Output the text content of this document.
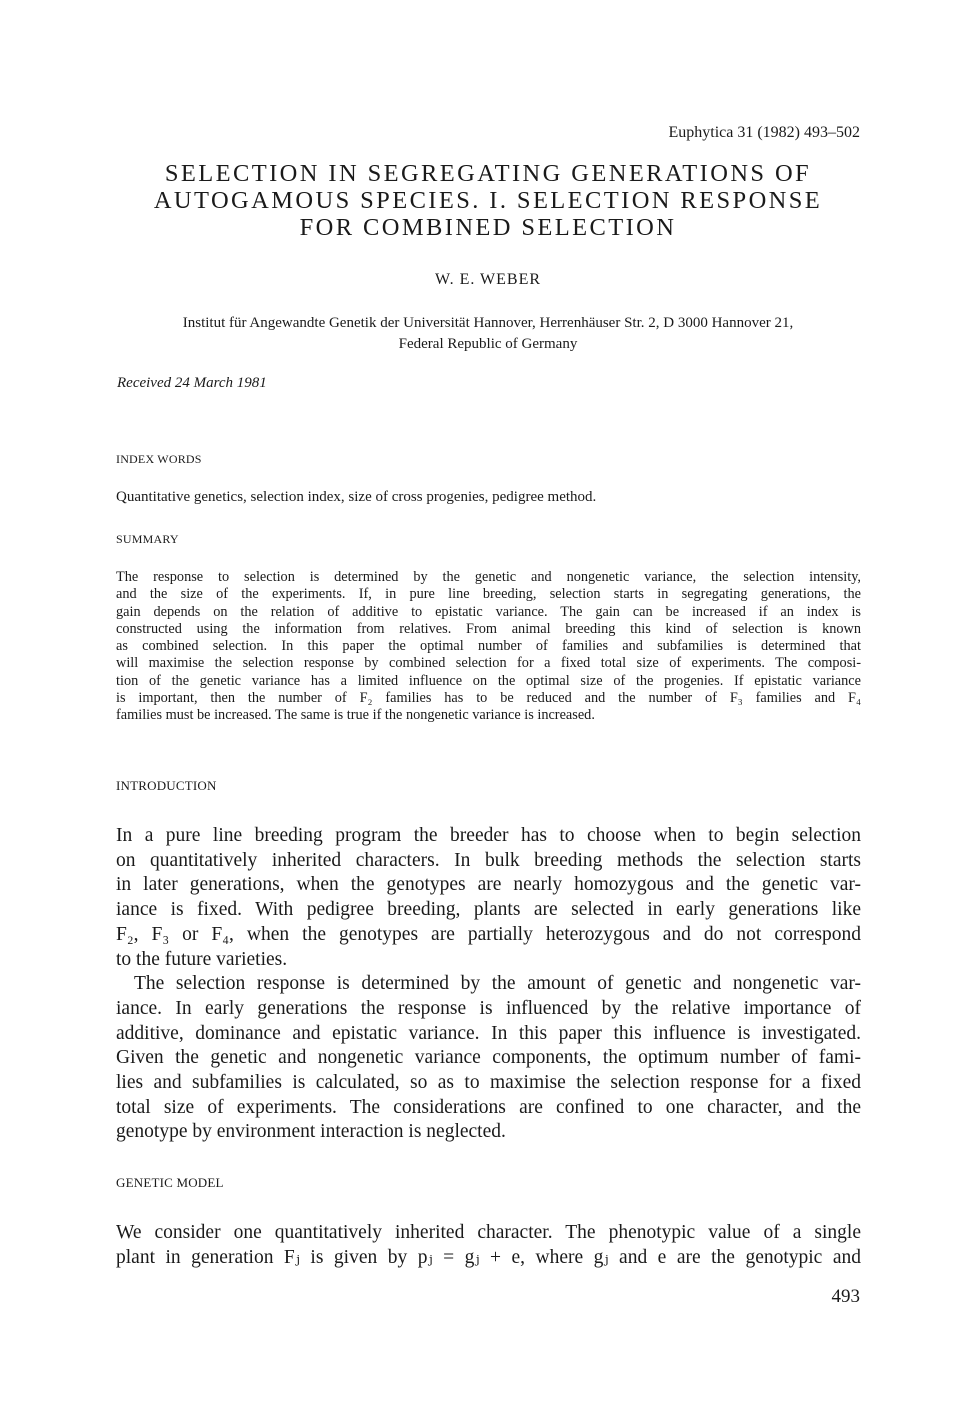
Euphytica 31 (1982) 493–502

SELECTION IN SEGREGATING GENERATIONS OF
AUTOGAMOUS SPECIES. I. SELECTION RESPONSE
FOR COMBINED SELECTION

W. E. WEBER

Institut für Angewandte Genetik der Universität Hannover, Herrenhäuser Str. 2, D 3000 Hannover 21,
Federal Republic of Germany

Received 24 March 1981

INDEX WORDS

Quantitative genetics, selection index, size of cross progenies, pedigree method.

SUMMARY

The response to selection is determined by the genetic and nongenetic variance, the selection intensity,
and the size of the experiments. If, in pure line breeding, selection starts in segregating generations, the
gain depends on the relation of additive to epistatic variance. The gain can be increased if an index is
constructed using the information from relatives. From animal breeding this kind of selection is known
as combined selection. In this paper the optimal number of families and subfamilies is determined that
will maximise the selection response by combined selection for a fixed total size of experiments. The composi-
tion of the genetic variance has a limited influence on the optimal size of the progenies. If epistatic variance
is important, then the number of F₂ families has to be reduced and the number of F₃ families and F₄
families must be increased. The same is true if the nongenetic variance is increased.

INTRODUCTION

In a pure line breeding program the breeder has to choose when to begin selection
on quantitatively inherited characters. In bulk breeding methods the selection starts
in later generations, when the genotypes are nearly homozygous and the genetic var-
iance is fixed. With pedigree breeding, plants are selected in early generations like
F₂, F₃ or F₄, when the genotypes are partially heterozygous and do not correspond
to the future varieties.
The selection response is determined by the amount of genetic and nongenetic var-
iance. In early generations the response is influenced by the relative importance of
additive, dominance and epistatic variance. In this paper this influence is investigated.
Given the genetic and nongenetic variance components, the optimum number of fami-
lies and subfamilies is calculated, so as to maximise the selection response for a fixed
total size of experiments. The considerations are confined to one character, and the
genotype by environment interaction is neglected.

GENETIC MODEL

We consider one quantitatively inherited character. The phenotypic value of a single
plant in generation Fⱼ is given by pⱼ = gⱼ + e, where gⱼ and e are the genotypic and

493
